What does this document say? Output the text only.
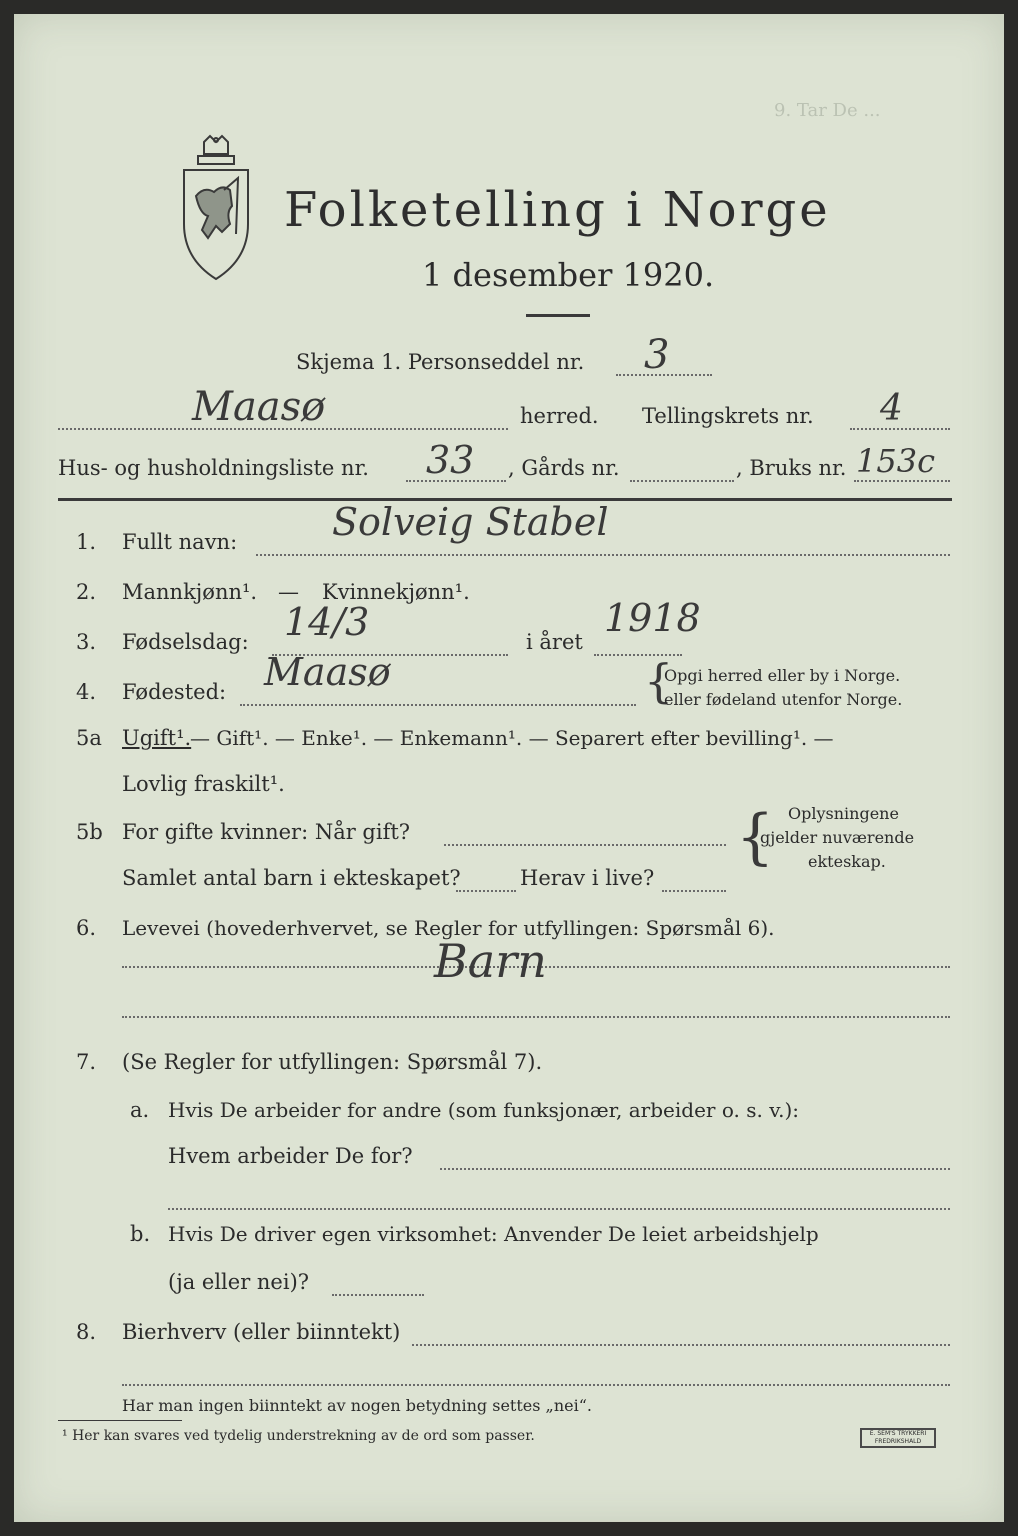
9. Tar De ...
Folketelling i Norge
1 desember 1920.
Skjema 1. Personseddel nr. 3
Maasø	herred. Tellingskrets nr. 4
Hus- og husholdningsliste nr. 33 , Gårds nr.	, Bruks nr. 153c
1. Fullt navn: Solveig Stabel
2. Mannkjønn¹. — Kvinnekjønn¹.
3. Fødselsdag: 14/3	i året
1918
4. Fødested: Maasø	{
Opgi herred eller by i Norge.
eller fødeland utenfor Norge.
5a Ugift¹.
— Gift¹. — Enke¹. — Enkemann¹. — Separert efter bevilling¹. —
Lovlig fraskilt¹.
5b For gifte kvinner: Når gift?
Samlet antal barn i ekteskapet?	Herav i live?
{ Oplysningene
gjelder nuværende
ekteskap.
6. Levevei (hovederhvervet, se Regler for utfyllingen: Spørsmål 6).
Barn
7. (Se Regler for utfyllingen: Spørsmål 7).
a. Hvis De arbeider for andre (som funksjonær, arbeider o. s. v.):
Hvem arbeider De for?
b. Hvis De driver egen virksomhet: Anvender De leiet arbeidshjelp
(ja eller nei)?
8. Bierhverv (eller biinntekt)
Har man ingen biinntekt av nogen betydning settes „nei“.
¹ Her kan svares ved tydelig understrekning av de ord som passer.	E. SEM'S TRYKKERI FREDRIKSHALD
